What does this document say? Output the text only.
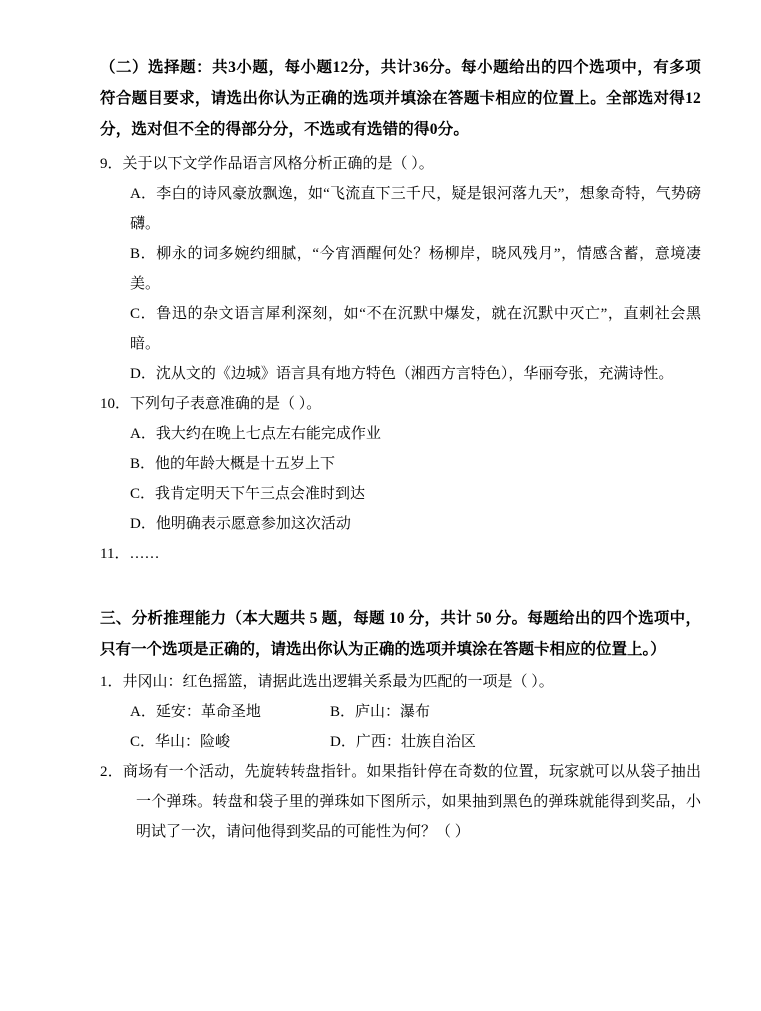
（二）选择题：共3小题，每小题12分，共计36分。每小题给出的四个选项中，有多项符合题目要求，请选出你认为正确的选项并填涂在答题卡相应的位置上。全部选对得12分，选对但不全的得部分分，不选或有选错的得0分。
9．关于以下文学作品语言风格分析正确的是（ ）。
A．李白的诗风豪放飘逸，如“飞流直下三千尺，疑是银河落九天”，想象奇特，气势磅礴。
B．柳永的词多婉约细腻，“今宵酒醒何处？杨柳岸，晓风残月”，情感含蓄，意境凄美。
C．鲁迅的杂文语言犀利深刻，如“不在沉默中爆发，就在沉默中灭亡”，直刺社会黑暗。
D．沈从文的《边城》语言具有地方特色（湘西方言特色），华丽夸张，充满诗性。
10．下列句子表意准确的是（ ）。
A．我大约在晚上七点左右能完成作业
B．他的年龄大概是十五岁上下
C．我肯定明天下午三点会准时到达
D．他明确表示愿意参加这次活动
11．……
三、分析推理能力（本大题共 5 题，每题 10 分，共计 50 分。每题给出的四个选项中，只有一个选项是正确的，请选出你认为正确的选项并填涂在答题卡相应的位置上。）
1．井冈山：红色摇篮，请据此选出逻辑关系最为匹配的一项是（ ）。
A．延安：革命圣地	B．庐山：瀑布
C．华山：险峻	D．广西：壮族自治区
2．商场有一个活动，先旋转转盘指针。如果指针停在奇数的位置，玩家就可以从袋子抽出一个弹珠。转盘和袋子里的弹珠如下图所示，如果抽到黑色的弹珠就能得到奖品，小明试了一次，请问他得到奖品的可能性为何？（ ）
